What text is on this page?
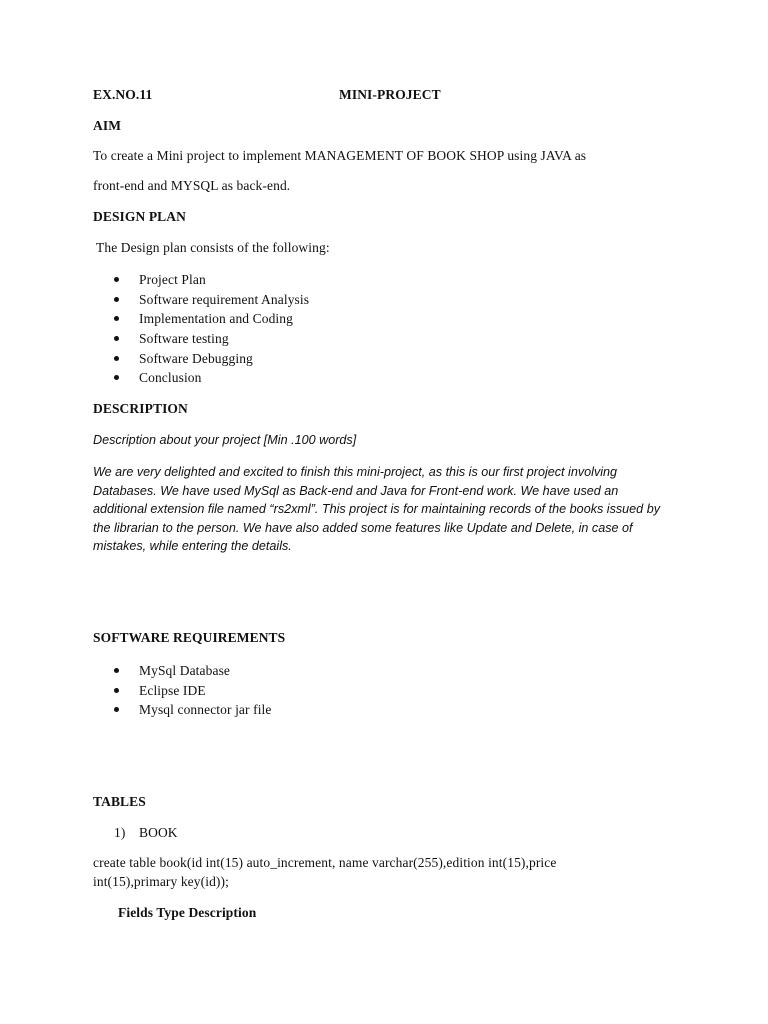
EX.NO.11	MINI-PROJECT
AIM
To create a Mini project to implement MANAGEMENT OF BOOK SHOP using JAVA as
front-end and MYSQL as back-end.
DESIGN PLAN
The Design plan consists of the following:
Project Plan
Software requirement Analysis
Implementation and Coding
Software testing
Software Debugging
Conclusion
DESCRIPTION
Description about your project [Min .100 words]
We are very delighted and excited to finish this mini-project, as this is our first project involving Databases. We have used MySql as Back-end and Java for Front-end work. We have used an additional extension file named “rs2xml”. This project is for maintaining records of the books issued by the librarian to the person. We have also added some features like Update and Delete, in case of mistakes, while entering the details.
SOFTWARE REQUIREMENTS
MySql Database
Eclipse IDE
Mysql connector jar file
TABLES
1) BOOK
create table book(id int(15) auto_increment, name varchar(255),edition int(15),price
int(15),primary key(id));
Fields Type Description
